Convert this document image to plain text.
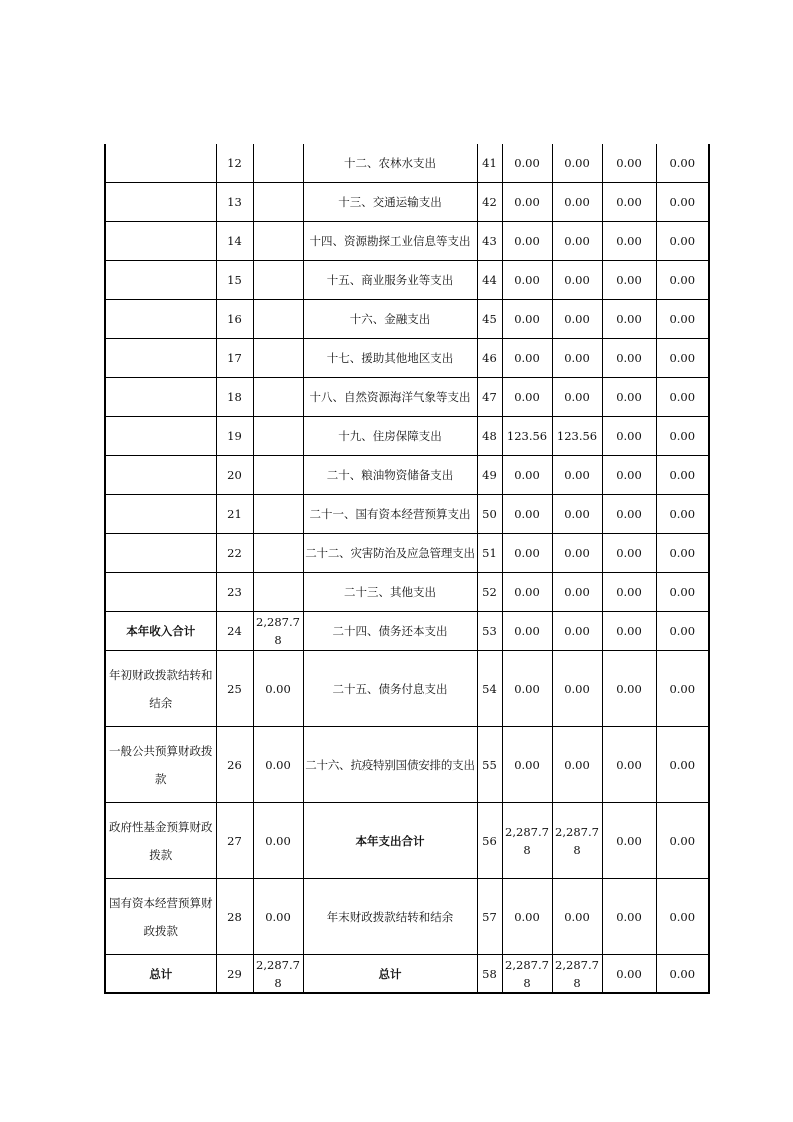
	12		十二、农林水支出	41	0.00	0.00	0.00	0.00
	13		十三、交通运输支出	42	0.00	0.00	0.00	0.00
	14		十四、资源勘探工业信息等支出	43	0.00	0.00	0.00	0.00
	15		十五、商业服务业等支出	44	0.00	0.00	0.00	0.00
	16		十六、金融支出	45	0.00	0.00	0.00	0.00
	17		十七、援助其他地区支出	46	0.00	0.00	0.00	0.00
	18		十八、自然资源海洋气象等支出	47	0.00	0.00	0.00	0.00
	19		十九、住房保障支出	48	123.56	123.56	0.00	0.00
	20		二十、粮油物资储备支出	49	0.00	0.00	0.00	0.00
	21		二十一、国有资本经营预算支出	50	0.00	0.00	0.00	0.00
	22		二十二、灾害防治及应急管理支出	51	0.00	0.00	0.00	0.00
	23		二十三、其他支出	52	0.00	0.00	0.00	0.00
本年收入合计	24	2,287.78	二十四、债务还本支出	53	0.00	0.00	0.00	0.00
年初财政拨款结转和结余	25	0.00	二十五、债务付息支出	54	0.00	0.00	0.00	0.00
一般公共预算财政拨款	26	0.00	二十六、抗疫特别国债安排的支出	55	0.00	0.00	0.00	0.00
政府性基金预算财政拨款	27	0.00	本年支出合计	56	2,287.78	2,287.78	0.00	0.00
国有资本经营预算财政拨款	28	0.00	年末财政拨款结转和结余	57	0.00	0.00	0.00	0.00
总计	29	2,287.78	总计	58	2,287.78	2,287.78	0.00	0.00
